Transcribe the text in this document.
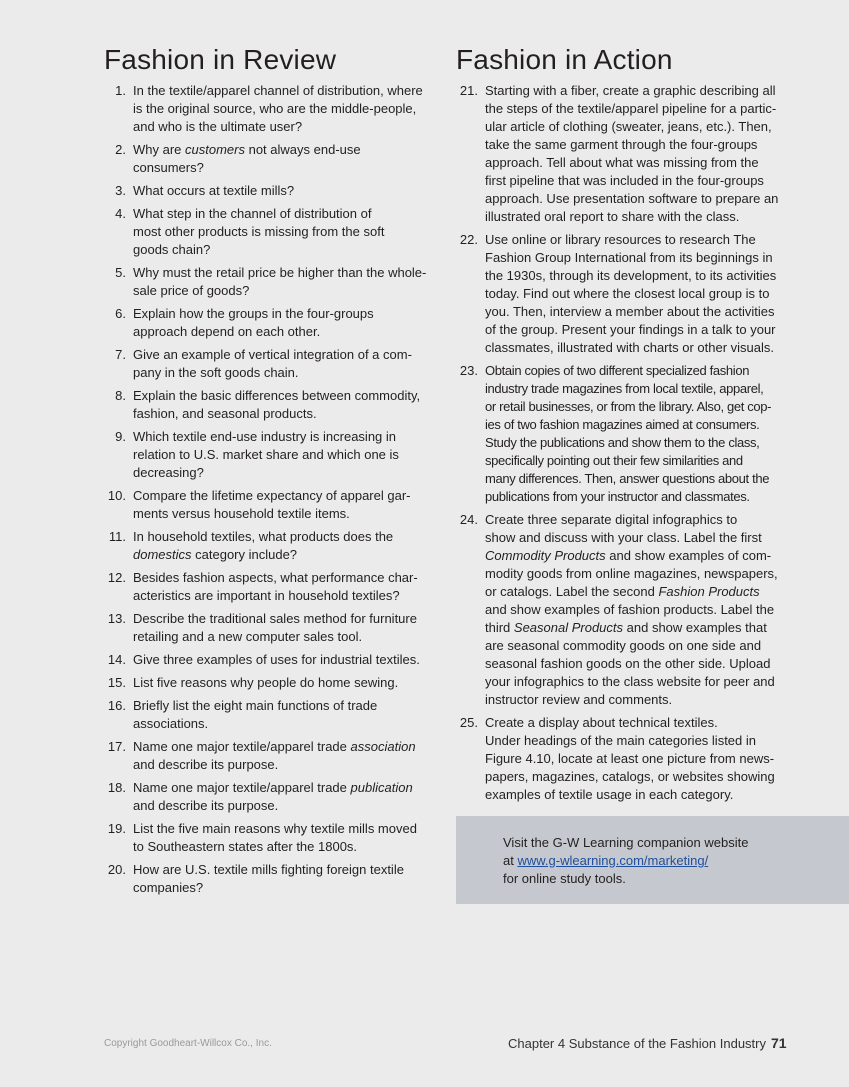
Fashion in Review
1. In the textile/apparel channel of distribution, where
is the original source, who are the middle-people,
and who is the ultimate user?
2. Why are customers not always end-use
consumers?
3. What occurs at textile mills?
4. What step in the channel of distribution of
most other products is missing from the soft
goods chain?
5. Why must the retail price be higher than the whole-
sale price of goods?
6. Explain how the groups in the four-groups
approach depend on each other.
7. Give an example of vertical integration of a com-
pany in the soft goods chain.
8. Explain the basic differences between commodity,
fashion, and seasonal products.
9. Which textile end-use industry is increasing in
relation to U.S. market share and which one is
decreasing?
10. Compare the lifetime expectancy of apparel gar-
ments versus household textile items.
11. In household textiles, what products does the
domestics category include?
12. Besides fashion aspects, what performance char-
acteristics are important in household textiles?
13. Describe the traditional sales method for furniture
retailing and a new computer sales tool.
14. Give three examples of uses for industrial textiles.
15. List five reasons why people do home sewing.
16. Briefly list the eight main functions of trade
associations.
17. Name one major textile/apparel trade association
and describe its purpose.
18. Name one major textile/apparel trade publication
and describe its purpose.
19. List the five main reasons why textile mills moved
to Southeastern states after the 1800s.
20. How are U.S. textile mills fighting foreign textile
companies?
Fashion in Action
21. Starting with a fiber, create a graphic describing all
the steps of the textile/apparel pipeline for a partic-
ular article of clothing (sweater, jeans, etc.). Then,
take the same garment through the four-groups
approach. Tell about what was missing from the
first pipeline that was included in the four-groups
approach. Use presentation software to prepare an
illustrated oral report to share with the class.
22. Use online or library resources to research The
Fashion Group International from its beginnings in
the 1930s, through its development, to its activities
today. Find out where the closest local group is to
you. Then, interview a member about the activities
of the group. Present your findings in a talk to your
classmates, illustrated with charts or other visuals.
23. Obtain copies of two different specialized fashion
industry trade magazines from local textile, apparel,
or retail businesses, or from the library. Also, get cop-
ies of two fashion magazines aimed at consumers.
Study the publications and show them to the class,
specifically pointing out their few similarities and
many differences. Then, answer questions about the
publications from your instructor and classmates.
24. Create three separate digital infographics to
show and discuss with your class. Label the first
Commodity Products and show examples of com-
modity goods from online magazines, newspapers,
or catalogs. Label the second Fashion Products
and show examples of fashion products. Label the
third Seasonal Products and show examples that
are seasonal commodity goods on one side and
seasonal fashion goods on the other side. Upload
your infographics to the class website for peer and
instructor review and comments.
25. Create a display about technical textiles.
Under headings of the main categories listed in
Figure 4.10, locate at least one picture from news-
papers, magazines, catalogs, or websites showing
examples of textile usage in each category.
Visit the G-W Learning companion website
at www.g-wlearning.com/marketing/
for online study tools.
Copyright Goodheart-Willcox Co., Inc.	Chapter 4 Substance of the Fashion Industry 71
